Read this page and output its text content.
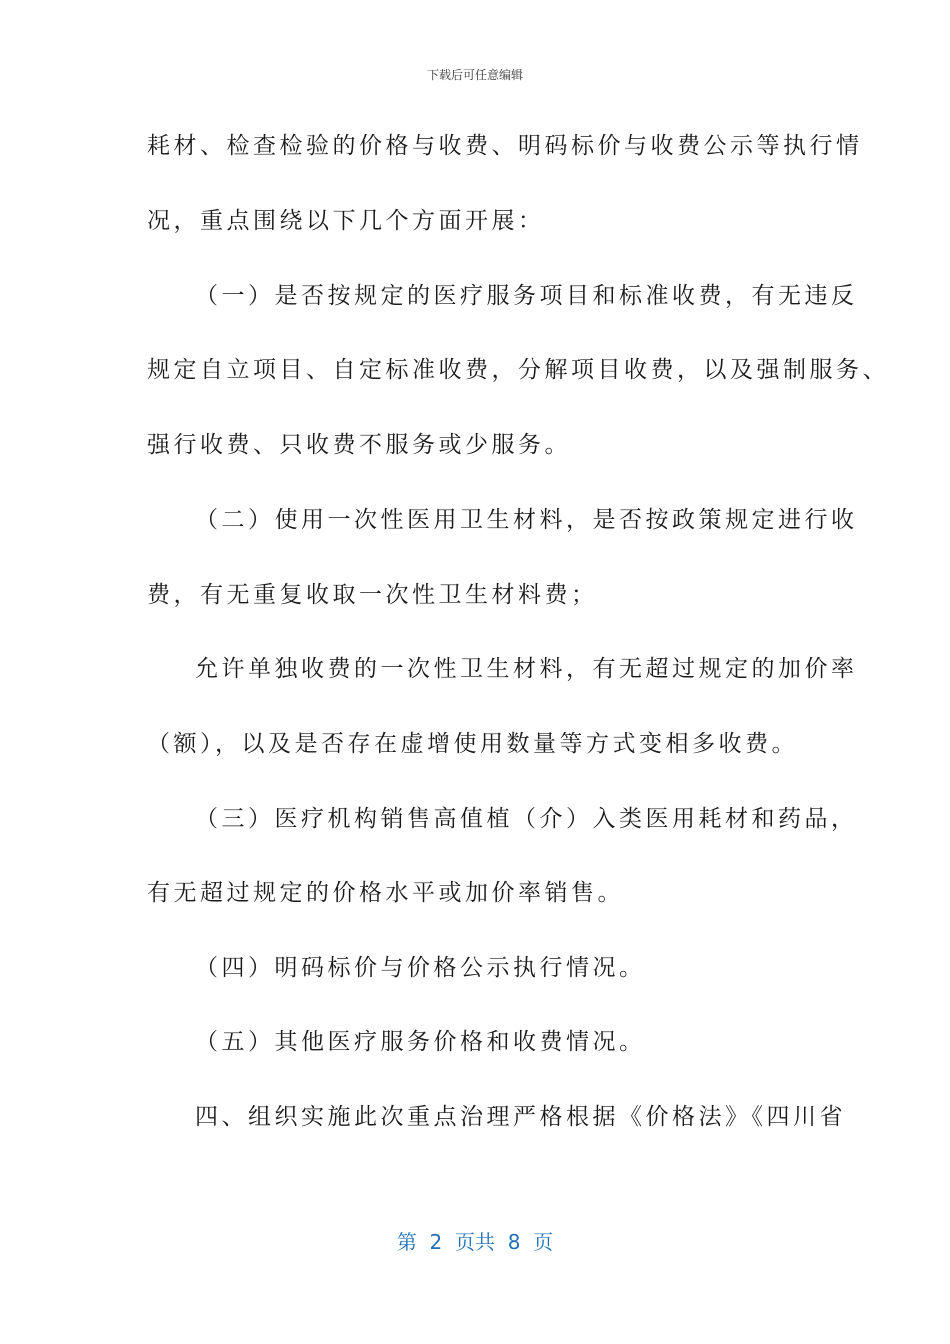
下载后可任意编辑
耗材、检查检验的价格与收费、明码标价与收费公示等执行情
况，重点围绕以下几个方面开展：
（一）是否按规定的医疗服务项目和标准收费，有无违反
规定自立项目、自定标准收费，分解项目收费，以及强制服务、
强行收费、只收费不服务或少服务。
（二）使用一次性医用卫生材料，是否按政策规定进行收
费，有无重复收取一次性卫生材料费；
允许单独收费的一次性卫生材料，有无超过规定的加价率
（额），以及是否存在虚增使用数量等方式变相多收费。
（三）医疗机构销售高值植（介）入类医用耗材和药品，
有无超过规定的价格水平或加价率销售。
（四）明码标价与价格公示执行情况。
（五）其他医疗服务价格和收费情况。
四、组织实施此次重点治理严格根据《价格法》《四川省
第  2  页共  8  页
